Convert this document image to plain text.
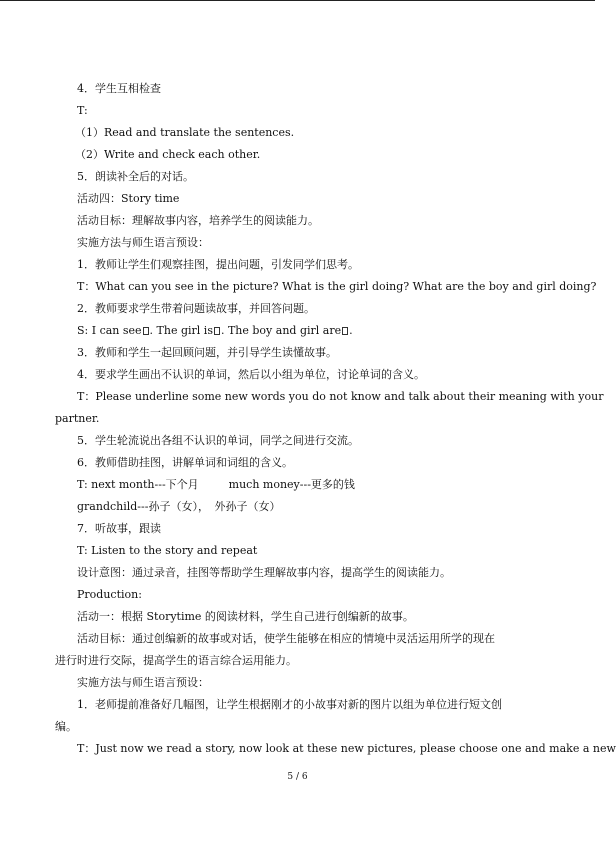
4．学生互相检查
T:
（1）Read and translate the sentences.
（2）Write and check each other.
5．朗读补全后的对话。
活动四：Story time
活动目标：理解故事内容，培养学生的阅读能力。
实施方法与师生语言预设：
1．教师让学生们观察挂图，提出问题，引发同学们思考。
T：What can you see in the picture? What is the girl doing? What are the boy and girl doing?
2．教师要求学生带着问题读故事，并回答问题。
S: I can see . The girl is . The boy and girl are .
3．教师和学生一起回顾问题，并引导学生读懂故事。
4．要求学生画出不认识的单词，然后以小组为单位，讨论单词的含义。
T：Please underline some new words you do not know and talk about their meaning with your
partner.
5．学生轮流说出各组不认识的单词，同学之间进行交流。
6．教师借助挂图，讲解单词和词组的含义。
T: next month---下个月	much money---更多的钱
grandchild---孙子（女），　外孙子（女）
7．听故事，跟读
T: Listen to the story and repeat
设计意图：通过录音，挂图等帮助学生理解故事内容，提高学生的阅读能力。
Production:
活动一：根据 Storytime 的阅读材料，学生自己进行创编新的故事。
活动目标：通过创编新的故事或对话，使学生能够在相应的情境中灵活运用所学的现在
进行时进行交际，提高学生的语言综合运用能力。
实施方法与师生语言预设：
1．老师提前准备好几幅图，让学生根据刚才的小故事对新的图片以组为单位进行短文创
编。
T：Just now we read a story, now look at these new pictures, please choose one and make a new
5 / 6
